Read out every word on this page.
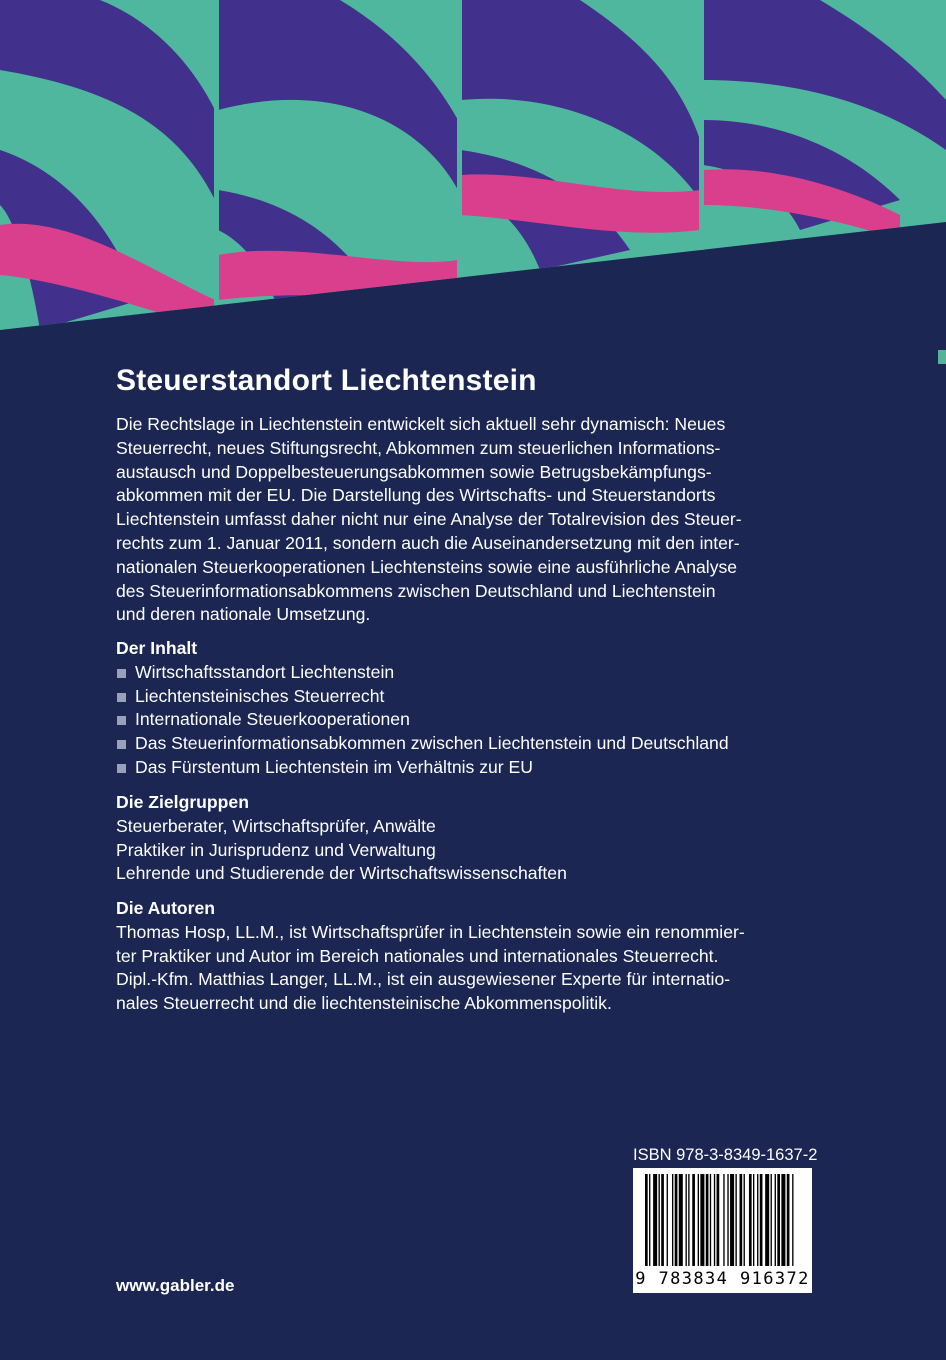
Steuerstandort Liechtenstein

Die Rechtslage in Liechtenstein entwickelt sich aktuell sehr dynamisch: Neues
Steuerrecht, neues Stiftungsrecht, Abkommen zum steuerlichen Informations-
austausch und Doppelbesteuerungsabkommen sowie Betrugsbekämpfungs-
abkommen mit der EU. Die Darstellung des Wirtschafts- und Steuerstandorts
Liechtenstein umfasst daher nicht nur eine Analyse der Totalrevision des Steuer-
rechts zum 1. Januar 2011, sondern auch die Auseinandersetzung mit den inter-
nationalen Steuerkooperationen Liechtensteins sowie eine ausführliche Analyse
des Steuerinformationsabkommens zwischen Deutschland und Liechtenstein
und deren nationale Umsetzung.

Der Inhalt

Wirtschaftsstandort Liechtenstein
Liechtensteinisches Steuerrecht
Internationale Steuerkooperationen
Das Steuerinformationsabkommen zwischen Liechtenstein und Deutschland
Das Fürstentum Liechtenstein im Verhältnis zur EU

Die Zielgruppen

Steuerberater, Wirtschaftsprüfer, Anwälte
Praktiker in Jurisprudenz und Verwaltung
Lehrende und Studierende der Wirtschaftswissenschaften

Die Autoren

Thomas Hosp, LL.M., ist Wirtschaftsprüfer in Liechtenstein sowie ein renommier-
ter Praktiker und Autor im Bereich nationales und internationales Steuerrecht.
Dipl.-Kfm. Matthias Langer, LL.M., ist ein ausgewiesener Experte für internatio-
nales Steuerrecht und die liechtensteinische Abkommenspolitik.
ISBN 978-3-8349-1637-2
9 783834 916372
www.gabler.de
